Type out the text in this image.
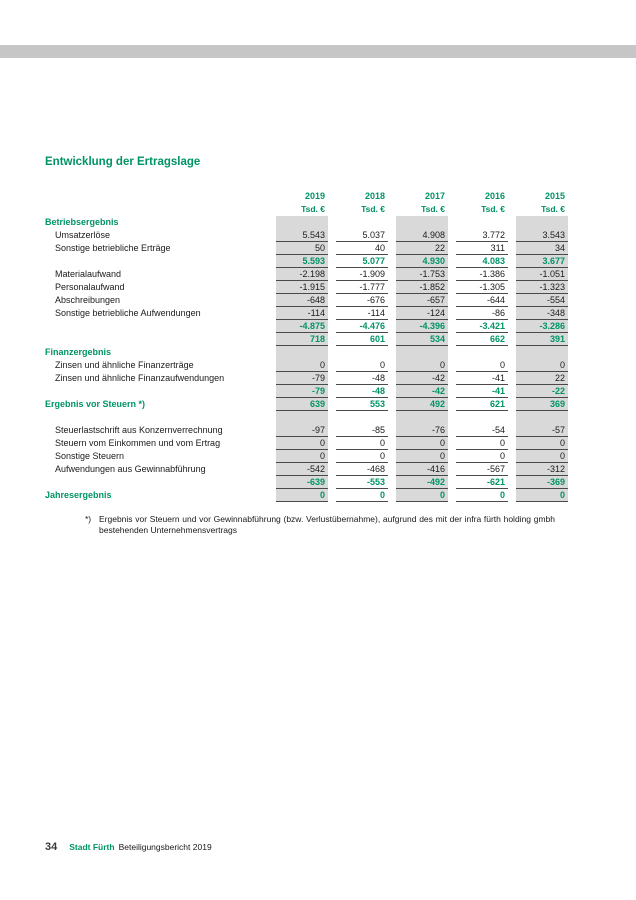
Entwicklung der Ertragslage
2019	2018	2017	2016	2015
Tsd. €	Tsd. €	Tsd. €	Tsd. €	Tsd. €
Betriebsergebnis
Umsatzerlöse	5.543	5.037	4.908	3.772	3.543
Sonstige betriebliche Erträge	50	40	22	311	34
5.593	5.077	4.930	4.083	3.677
Materialaufwand	-2.198	-1.909	-1.753	-1.386	-1.051
Personalaufwand	-1.915	-1.777	-1.852	-1.305	-1.323
Abschreibungen	-648	-676	-657	-644	-554
Sonstige betriebliche Aufwendungen	-114	-114	-124	-86	-348
-4.875	-4.476	-4.396	-3.421	-3.286
718	601	534	662	391
Finanzergebnis
Zinsen und ähnliche Finanzerträge	0	0	0	0	0
Zinsen und ähnliche Finanzaufwendungen	-79	-48	-42	-41	22
-79	-48	-42	-41	-22
Ergebnis vor Steuern *)	639	553	492	621	369
Steuerlastschrift aus Konzernverrechnung	-97	-85	-76	-54	-57
Steuern vom Einkommen und vom Ertrag	0	0	0	0	0
Sonstige Steuern	0	0	0	0	0
Aufwendungen aus Gewinnabführung	-542	-468	-416	-567	-312
-639	-553	-492	-621	-369
Jahresergebnis	0	0	0	0	0
*) Ergebnis vor Steuern und vor Gewinnabführung (bzw. Verlustübernahme), aufgrund des mit der infra fürth holding gmbh bestehenden Unternehmensvertrags
34 Stadt Fürth Beteiligungsbericht 2019
